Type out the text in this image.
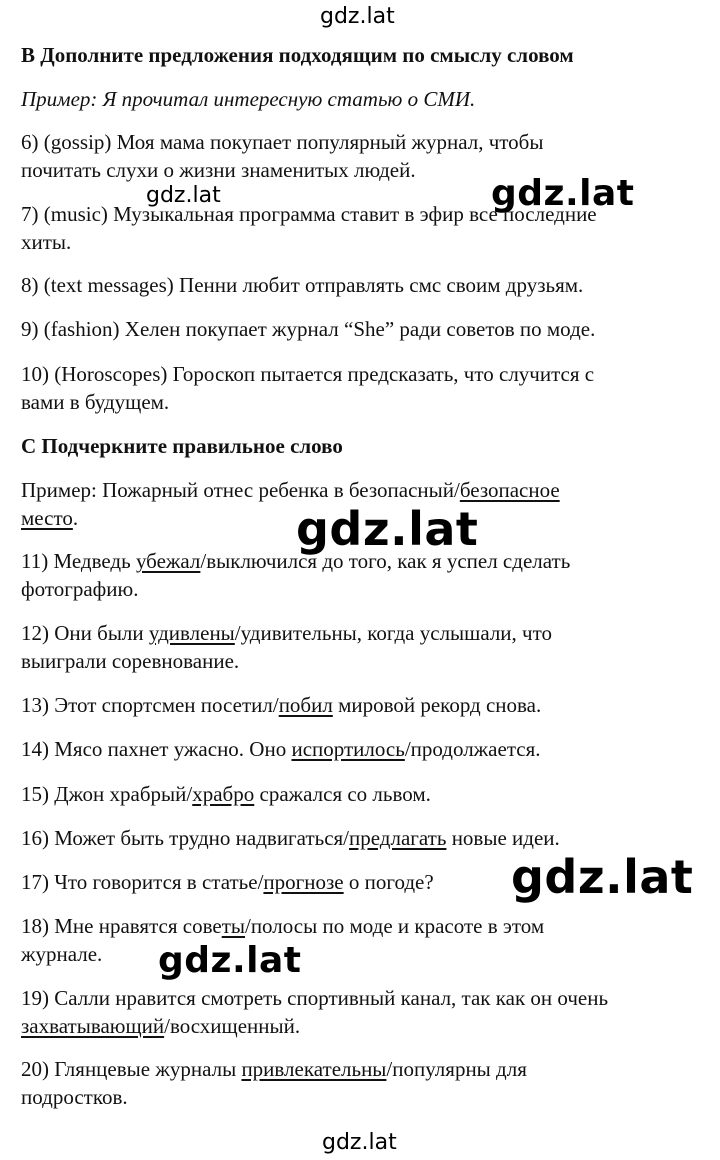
gdz.lat
gdz.lat	gdz.lat
gdz.lat
gdz.lat
gdz.lat
gdz.lat
B Дополните предложения подходящим по смыслу словом
Пример: Я прочитал интересную статью о СМИ.
6) (gossip) Моя мама покупает популярный журнал, чтобы
почитать слухи о жизни знаменитых людей.
7) (music) Музыкальная программа ставит в эфир все последние
хиты.
8) (text messages) Пенни любит отправлять смс своим друзьям.
9) (fashion) Хелен покупает журнал “She” ради советов по моде.
10) (Horoscopes) Гороскоп пытается предсказать, что случится с
вами в будущем.
C Подчеркните правильное слово
Пример: Пожарный отнес ребенка в безопасный/безопасное
место.
11) Медведь убежал/выключился до того, как я успел сделать
фотографию.
12) Они были удивлены/удивительны, когда услышали, что
выиграли соревнование.
13) Этот спортсмен посетил/побил мировой рекорд снова.
14) Мясо пахнет ужасно. Оно испортилось/продолжается.
15) Джон храбрый/храбро сражался со львом.
16) Может быть трудно надвигаться/предлагать новые идеи.
17) Что говорится в статье/прогнозе о погоде?
18) Мне нравятся советы/полосы по моде и красоте в этом
журнале.
19) Салли нравится смотреть спортивный канал, так как он очень
захватывающий/восхищенный.
20) Глянцевые журналы привлекательны/популярны для
подростков.
